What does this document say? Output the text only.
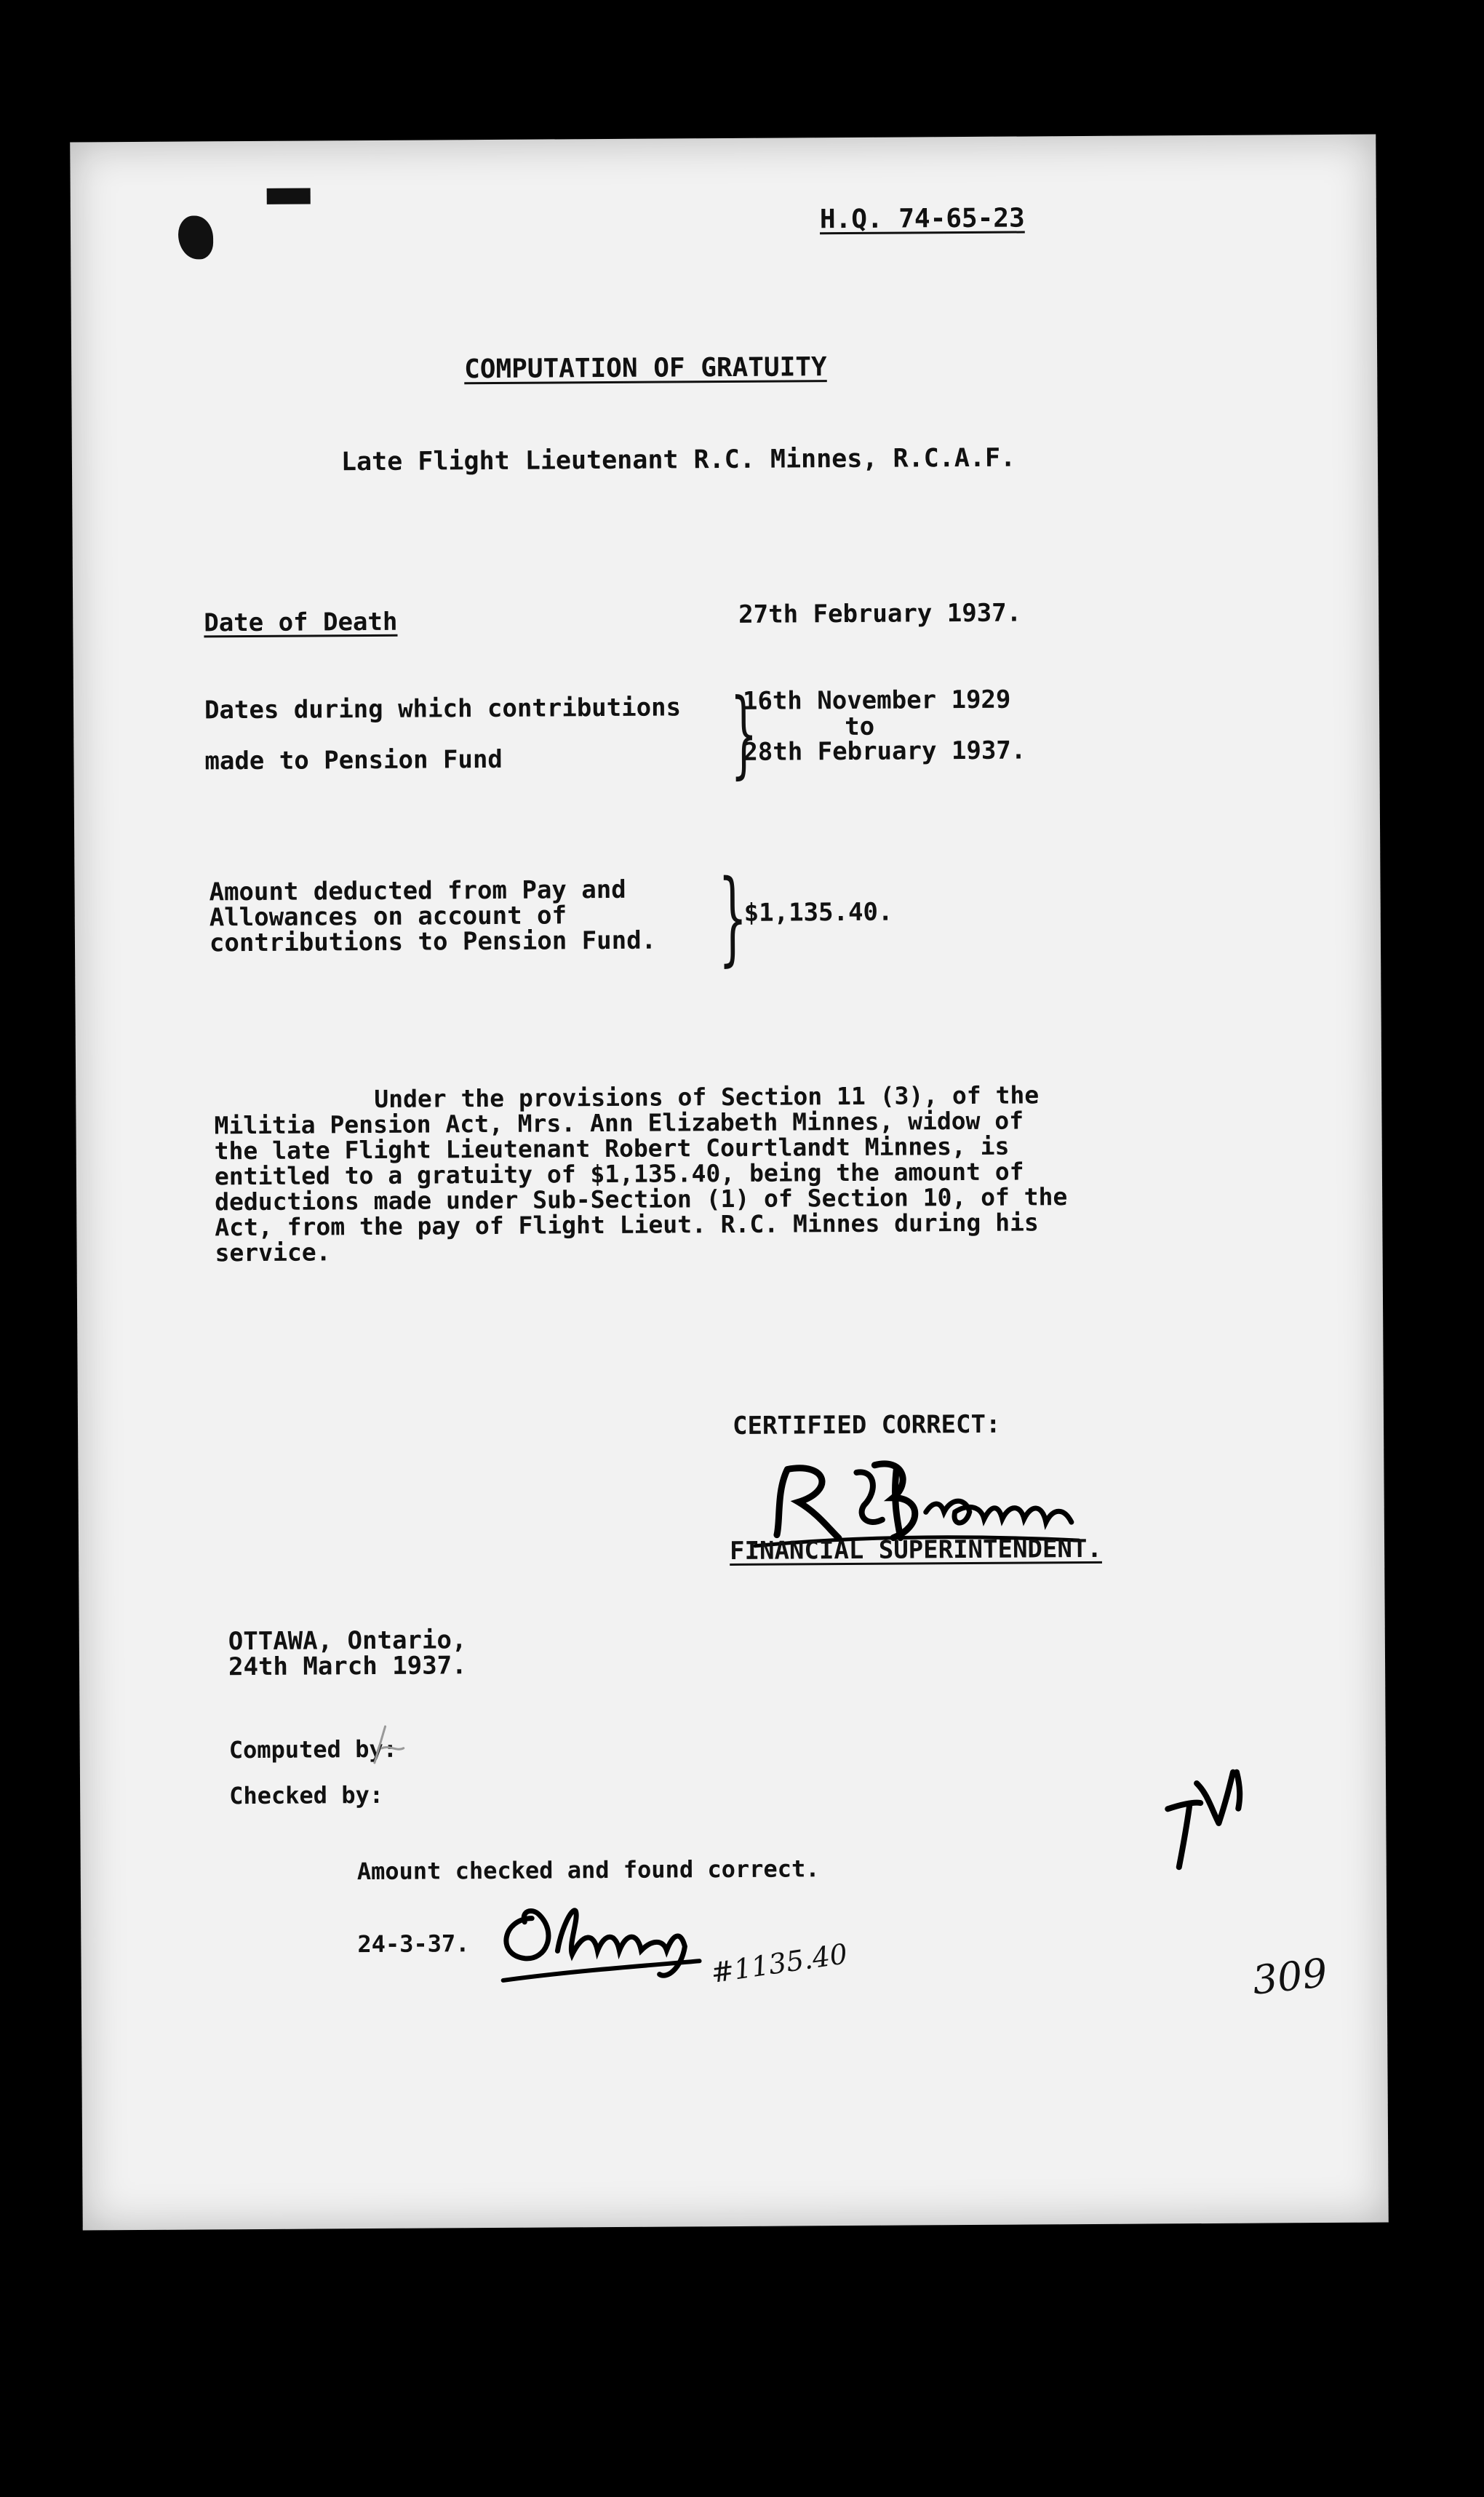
H.Q. 74-65-23
COMPUTATION OF GRATUITY
Late Flight Lieutenant R.C. Minnes, R.C.A.F.
Date of Death	27th February 1937.
Dates during which contributions
made to Pension Fund }
16th November 1929
to
28th February 1937.
Amount deducted from Pay and
Allowances on account of
contributions to Pension Fund. }
$1,135.40.
Under the provisions of Section 11 (3), of the
Militia Pension Act, Mrs. Ann Elizabeth Minnes, widow of
the late Flight Lieutenant Robert Courtlandt Minnes, is
entitled to a gratuity of $1,135.40, being the amount of
deductions made under Sub-Section (1) of Section 10, of the
Act, from the pay of Flight Lieut. R.C. Minnes during his
service.
CERTIFIED CORRECT:
FINANCIAL SUPERINTENDENT.
OTTAWA, Ontario,
24th March 1937.
Computed by:
Checked by:
Amount checked and found correct.
24-3-37.	#1135.40	309
